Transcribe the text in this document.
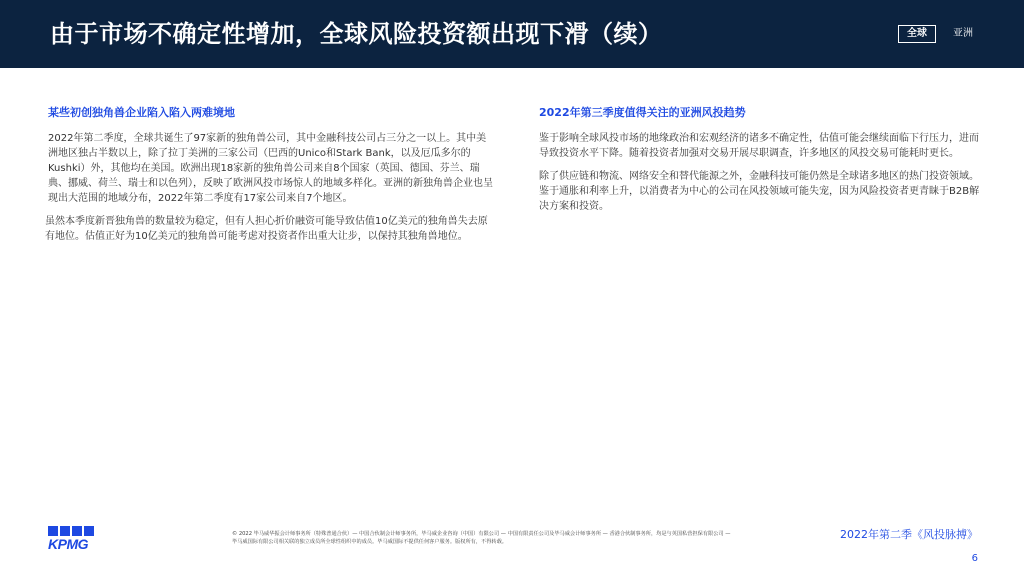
由于市场不确定性增加，全球风险投资额出现下滑（续）	全球	亚洲
某些初创独角兽企业陷入陷入两难境地

2022年第二季度，全球共诞生了97家新的独角兽公司，其中金融科技公司占三分之一以上。其中美洲地区独占半数以上，除了拉丁美洲的三家公司（巴西的Unico和Stark Bank，以及厄瓜多尔的Kushki）外，其他均在美国。欧洲出现18家新的独角兽公司来自8个国家（英国、德国、芬兰、瑞典、挪威、荷兰、瑞士和以色列），反映了欧洲风投市场惊人的地域多样化。亚洲的新独角兽企业也呈现出大范围的地域分布，2022年第二季度有17家公司来自7个地区。

虽然本季度新晋独角兽的数量较为稳定，但有人担心折价融资可能导致估值10亿美元的独角兽失去原有地位。估值正好为10亿美元的独角兽可能考虑对投资者作出重大让步，以保持其独角兽地位。

2022年第三季度值得关注的亚洲风投趋势

鉴于影响全球风投市场的地缘政治和宏观经济的诸多不确定性，估值可能会继续面临下行压力，进而导致投资水平下降。随着投资者加强对交易开展尽职调查，许多地区的风投交易可能耗时更长。

除了供应链和物流、网络安全和替代能源之外，金融科技可能仍然是全球诸多地区的热门投资领域。鉴于通胀和利率上升，以消费者为中心的公司在风投领域可能失宠，因为风险投资者更青睐于B2B解决方案和投资。

KPMG
© 2022 毕马威华振会计师事务所（特殊普通合伙）— 中国合伙制会计师事务所，毕马威企业咨询（中国）有限公司 — 中国有限责任公司及毕马威会计师事务所 — 香港合伙制事务所，均是与英国私营担保有限公司 — 毕马威国际有限公司相关联的独立成员所全球性组织中的成员。毕马威国际不提供任何客户服务。版权所有，不得转载。
2022年第二季《风投脉搏》
6
